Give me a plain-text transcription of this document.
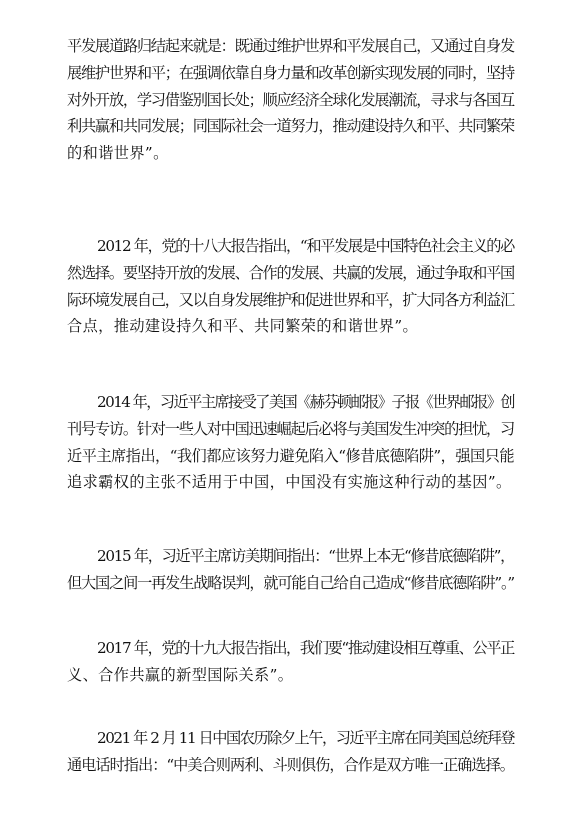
平发展道路归结起来就是：既通过维护世界和平发展自己，又通过自身发
展维护世界和平；在强调依靠自身力量和改革创新实现发展的同时，坚持
对外开放，学习借鉴别国长处；顺应经济全球化发展潮流，寻求与各国互
利共赢和共同发展；同国际社会一道努力，推动建设持久和平、共同繁荣
的和谐世界”。
2012 年，党的十八大报告指出，“和平发展是中国特色社会主义的必
然选择。要坚持开放的发展、合作的发展、共赢的发展，通过争取和平国
际环境发展自己，又以自身发展维护和促进世界和平，扩大同各方利益汇
合点，推动建设持久和平、共同繁荣的和谐世界”。
2014 年，习近平主席接受了美国《赫芬顿邮报》子报《世界邮报》创
刊号专访。针对一些人对中国迅速崛起后必将与美国发生冲突的担忧，习
近平主席指出，“我们都应该努力避免陷入“修昔底德陷阱”，强国只能
追求霸权的主张不适用于中国，中国没有实施这种行动的基因”。
2015 年，习近平主席访美期间指出：“世界上本无“修昔底德陷阱”，
但大国之间一再发生战略误判，就可能自己给自己造成“修昔底德陷阱”。”
2017 年，党的十九大报告指出，我们要“推动建设相互尊重、公平正
义、合作共赢的新型国际关系”。
2021 年 2 月 11 日中国农历除夕上午，习近平主席在同美国总统拜登
通电话时指出：“中美合则两利、斗则俱伤，合作是双方唯一正确选择。
